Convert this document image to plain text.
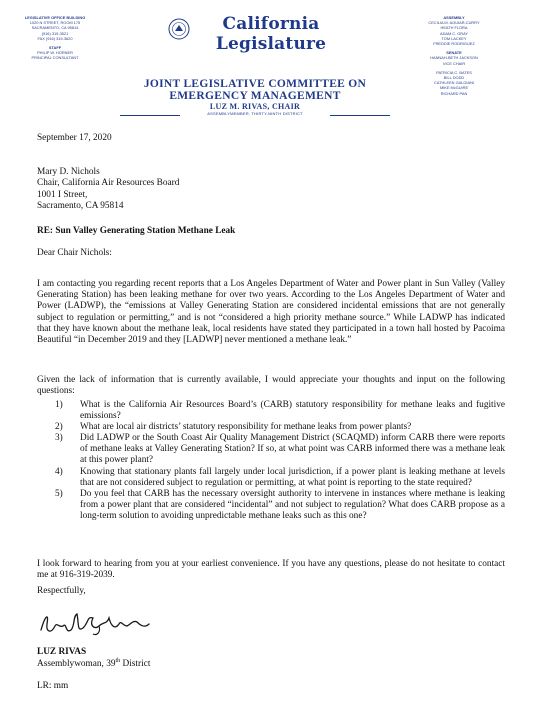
LEGISLATIVE OFFICE BUILDING
1020 N STREET, ROOM 175
SACRAMENTO, CA 95814
(916) 319-3521
FAX (916) 319-3620
STAFF
PHILIP W. HORNER
PRINCIPAL CONSULTANT
California Legislature
JOINT LEGISLATIVE COMMITTEE ON
EMERGENCY MANAGEMENT
LUZ M. RIVAS, CHAIR
ASSEMBLYMEMBER, THIRTY-NINTH DISTRICT
ASSEMBLY
CECILIA M. AGUIAR-CURRY
HEATH FLORA
ADAM C. GRAY
TOM LACKEY
FREDDIE RODRIGUEZ
SENATE
HANNAH-BETH JACKSON
VICE CHAIR
PATRICIA C. BATES
BILL DODD
CATHLEEN GALGIANI
MIKE McGUIRE
RICHARD PAN
September 17, 2020
Mary D. Nichols
Chair, California Air Resources Board
1001 I Street,
Sacramento, CA 95814
RE: Sun Valley Generating Station Methane Leak
Dear Chair Nichols:

I am contacting you regarding recent reports that a Los Angeles Department of Water and Power plant in Sun Valley (Valley Generating Station) has been leaking methane for over two years. According to the Los Angeles Department of Water and Power (LADWP), the “emissions at Valley Generating Station are considered incidental emissions that are not generally subject to regulation or permitting,” and is not “considered a high priority methane source.” While LADWP has indicated that they have known about the methane leak, local residents have stated they participated in a town hall hosted by Pacoima Beautiful “in December 2019 and they [LADWP] never mentioned a methane leak.”

Given the lack of information that is currently available, I would appreciate your thoughts and input on the following questions:

1) What is the California Air Resources Board’s (CARB) statutory responsibility for methane leaks and fugitive emissions?
2) What are local air districts’ statutory responsibility for methane leaks from power plants?
3) Did LADWP or the South Coast Air Quality Management District (SCAQMD) inform CARB there were reports of methane leaks at Valley Generating Station? If so, at what point was CARB informed there was a methane leak at this power plant?
4) Knowing that stationary plants fall largely under local jurisdiction, if a power plant is leaking methane at levels that are not considered subject to regulation or permitting, at what point is reporting to the state required?
5) Do you feel that CARB has the necessary oversight authority to intervene in instances where methane is leaking from a power plant that are considered “incidental” and not subject to regulation? What does CARB propose as a long-term solution to avoiding unpredictable methane leaks such as this one?

I look forward to hearing from you at your earliest convenience. If you have any questions, please do not hesitate to contact me at 916-319-2039.

Respectfully,
LUZ RIVAS
Assemblywoman, 39th District
LR: mm
